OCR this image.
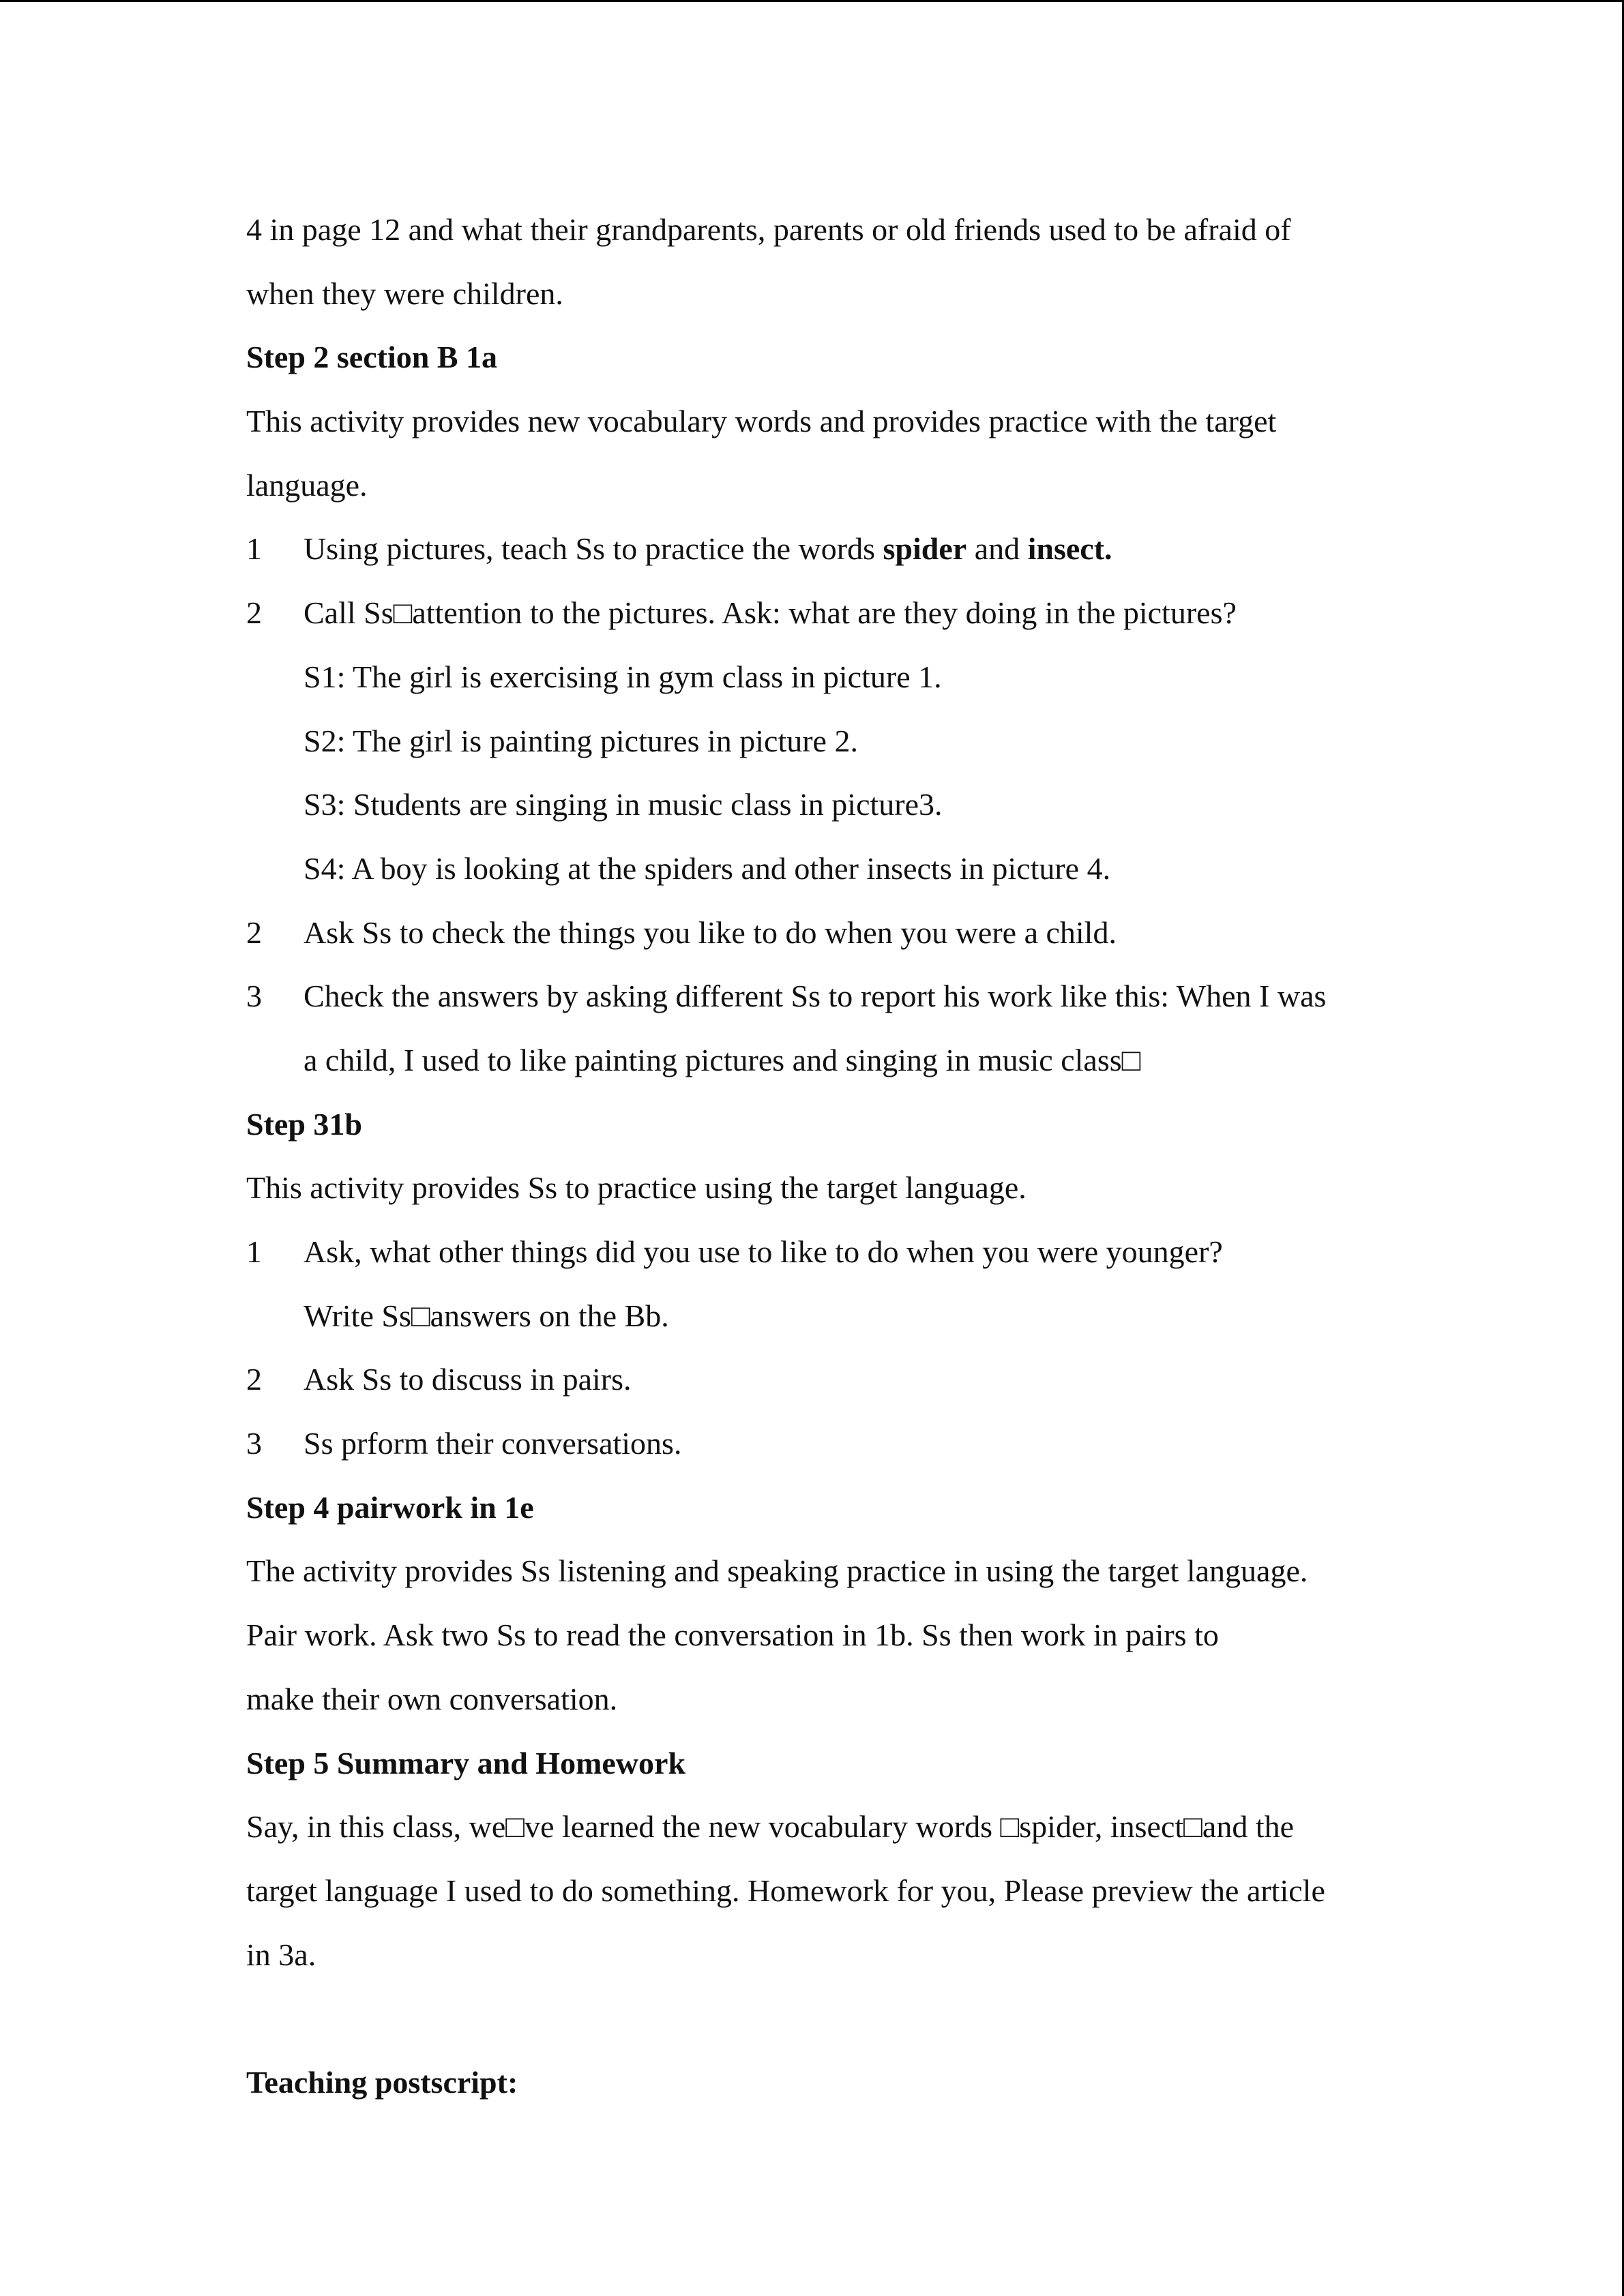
4 in page 12 and what their grandparents, parents or old friends used to be afraid of
when they were children.
Step 2 section B 1a
This activity provides new vocabulary words and provides practice with the target
language.
1 Using pictures, teach Ss to practice the words spider and insect.
2 Call Ss□attention to the pictures. Ask: what are they doing in the pictures?
S1: The girl is exercising in gym class in picture 1.
S2: The girl is painting pictures in picture 2.
S3: Students are singing in music class in picture3.
S4: A boy is looking at the spiders and other insects in picture 4.
2 Ask Ss to check the things you like to do when you were a child.
3 Check the answers by asking different Ss to report his work like this: When I was
a child, I used to like painting pictures and singing in music class□
Step 31b
This activity provides Ss to practice using the target language.
1 Ask, what other things did you use to like to do when you were younger?
Write Ss□answers on the Bb.
2 Ask Ss to discuss in pairs.
3 Ss prform their conversations.
Step 4 pairwork in 1e
The activity provides Ss listening and speaking practice in using the target language.
Pair work. Ask two Ss to read the conversation in 1b. Ss then work in pairs to
make their own conversation.
Step 5 Summary and Homework
Say, in this class, we□ve learned the new vocabulary words □spider, insect□and the
target language I used to do something. Homework for you, Please preview the article
in 3a.
Teaching postscript:
